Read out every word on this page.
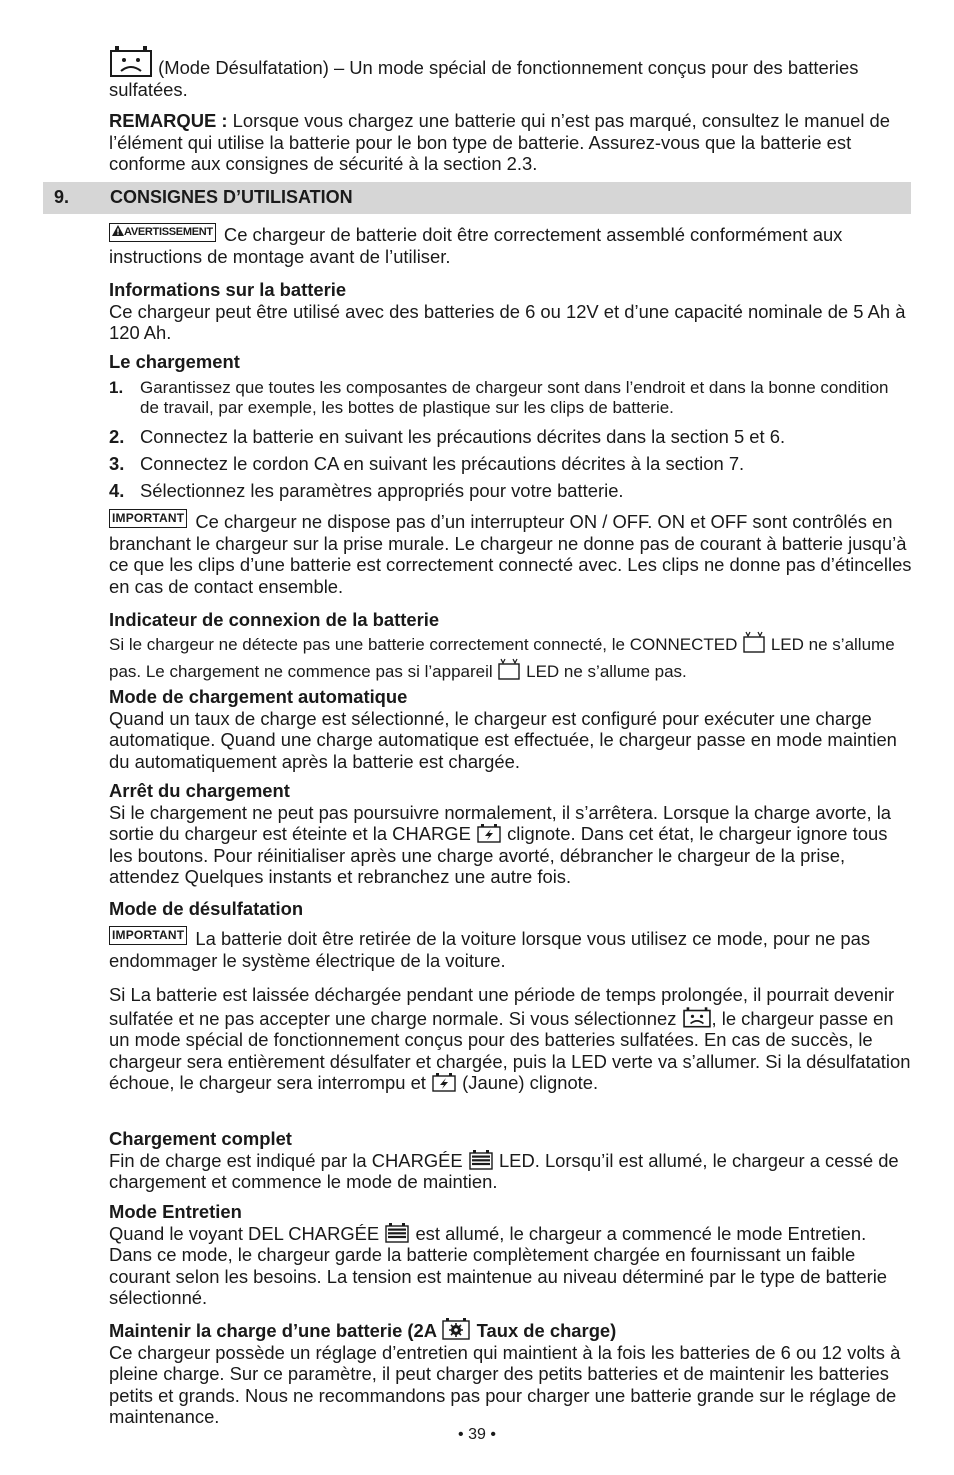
(Mode Désulfatation) – Un mode spécial de fonctionnement conçus pour des batteries sulfatées.

REMARQUE : Lorsque vous chargez une batterie qui n’est pas marqué, consultez le manuel de l’élément qui utilise la batterie pour le bon type de batterie. Assurez-vous que la batterie est conforme aux consignes de sécurité à la section 2.3.

9. CONSIGNES D’UTILISATION

AVERTISSEMENT Ce chargeur de batterie doit être correctement assemblé conformément aux instructions de montage avant de l’utiliser.

Informations sur la batterie

Ce chargeur peut être utilisé avec des batteries de 6 ou 12V et d’une capacité nominale de 5 Ah à 120 Ah.

Le chargement

1. Garantissez que toutes les composantes de chargeur sont dans l’endroit et dans la bonne condition de travail, par exemple, les bottes de plastique sur les clips de batterie.
2. Connectez la batterie en suivant les précautions décrites dans la section 5 et 6.
3. Connectez le cordon CA en suivant les précautions décrites à la section 7.
4. Sélectionnez les paramètres appropriés pour votre batterie.

IMPORTANT Ce chargeur ne dispose pas d’un interrupteur ON / OFF. ON et OFF sont contrôlés en branchant le chargeur sur la prise murale. Le chargeur ne donne pas de courant à batterie jusqu’à ce que les clips d’une batterie est correctement connecté avec. Les clips ne donne pas d’étincelles en cas de contact ensemble.

Indicateur de connexion de la batterie

Si le chargeur ne détecte pas une batterie correctement connecté, le CONNECTED LED ne s’allume pas. Le chargement ne commence pas si l’appareil LED ne s’allume pas.

Mode de chargement automatique

Quand un taux de charge est sélectionné, le chargeur est configuré pour exécuter une charge automatique. Quand une charge automatique est effectuée, le chargeur passe en mode maintien du automatiquement après la batterie est chargée.

Arrêt du chargement

Si le chargement ne peut pas poursuivre normalement, il s’arrêtera. Lorsque la charge avorte, la sortie du chargeur est éteinte et la CHARGE clignote. Dans cet état, le chargeur ignore tous les boutons. Pour réinitialiser après une charge avorté, débrancher le chargeur de la prise, attendez Quelques instants et rebranchez une autre fois.

Mode de désulfatation

IMPORTANT La batterie doit être retirée de la voiture lorsque vous utilisez ce mode, pour ne pas endommager le système électrique de la voiture.

Si La batterie est laissée déchargée pendant une période de temps prolongée, il pourrait devenir sulfatée et ne pas accepter une charge normale. Si vous sélectionnez , le chargeur passe en un mode spécial de fonctionnement conçus pour des batteries sulfatées. En cas de succès, le chargeur sera entièrement désulfater et chargée, puis la LED verte va s’allumer. Si la désulfatation échoue, le chargeur sera interrompu et (Jaune) clignote.

Chargement complet

Fin de charge est indiqué par la CHARGÉE LED. Lorsqu’il est allumé, le chargeur a cessé de chargement et commence le mode de maintien.

Mode Entretien

Quand le voyant DEL CHARGÉE est allumé, le chargeur a commencé le mode Entretien. Dans ce mode, le chargeur garde la batterie complètement chargée en fournissant un faible courant selon les besoins. La tension est maintenue au niveau déterminé par le type de batterie sélectionné.

Maintenir la charge d’une batterie (2A Taux de charge)

Ce chargeur possède un réglage d’entretien qui maintient à la fois les batteries de 6 ou 12 volts à pleine charge. Sur ce paramètre, il peut charger des petits batteries et de maintenir les batteries petits et grands. Nous ne recommandons pas pour charger une batterie grande sur le réglage de maintenance.

• 39 •
